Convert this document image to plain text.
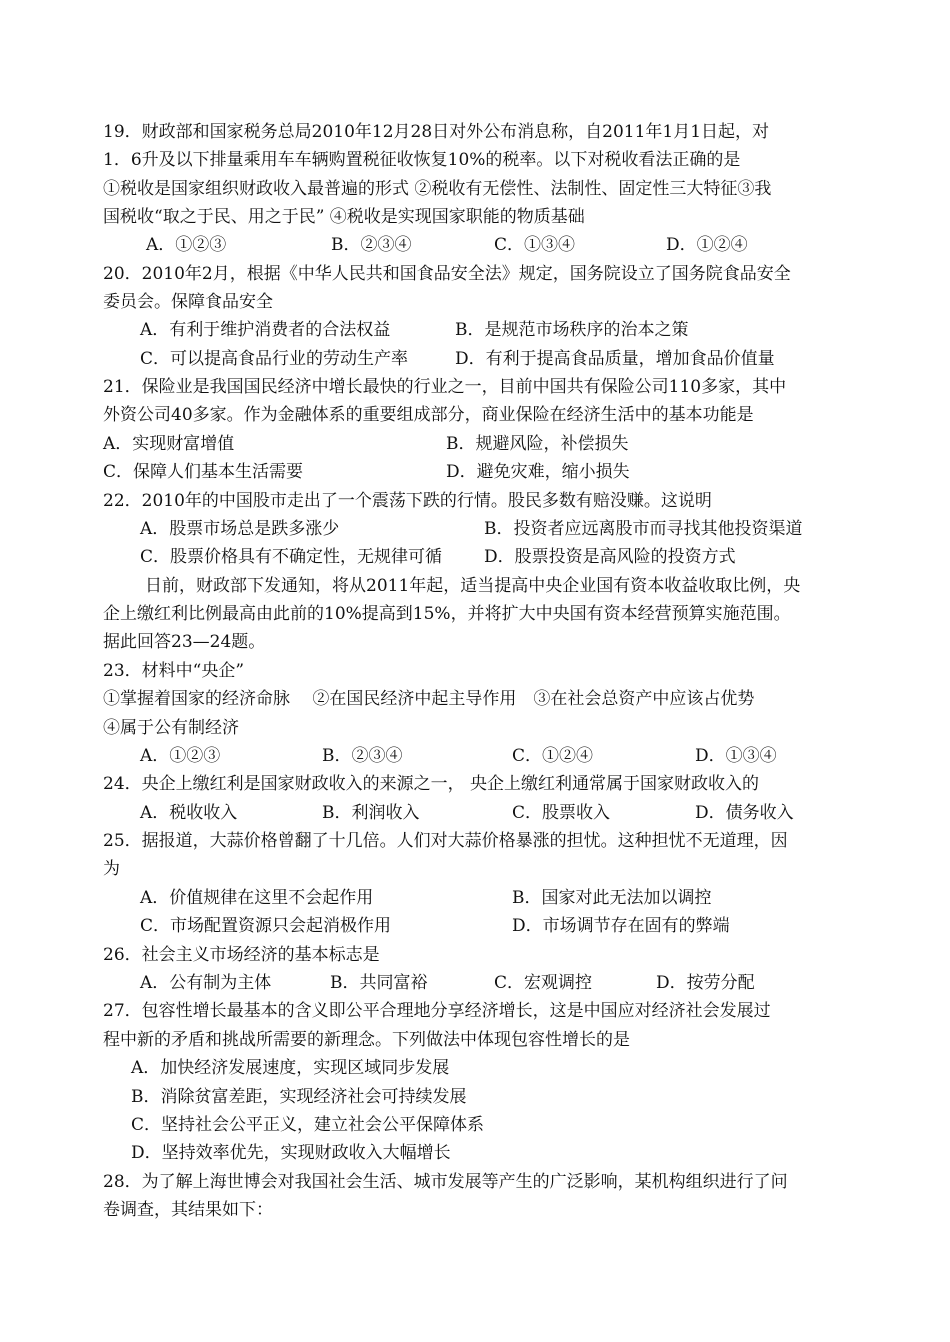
19．财政部和国家税务总局2010年12月28日对外公布消息称，自2011年1月1日起，对
1．6升及以下排量乘用车车辆购置税征收恢复10%的税率。以下对税收看法正确的是
①税收是国家组织财政收入最普遍的形式 ②税收有无偿性、法制性、固定性三大特征③我
国税收“取之于民、用之于民” ④税收是实现国家职能的物质基础
A．①②③	B．②③④	C．①③④	D．①②④
20．2010年2月，根据《中华人民共和国食品安全法》规定，国务院设立了国务院食品安全
委员会。保障食品安全
A．有利于维护消费者的合法权益	B．是规范市场秩序的治本之策
C．可以提高食品行业的劳动生产率	D．有利于提高食品质量，增加食品价值量
21．保险业是我国国民经济中增长最快的行业之一，目前中国共有保险公司110多家，其中
外资公司40多家。作为金融体系的重要组成部分，商业保险在经济生活中的基本功能是
A．实现财富增值	B．规避风险，补偿损失
C．保障人们基本生活需要	D．避免灾难，缩小损失
22．2010年的中国股市走出了一个震荡下跌的行情。股民多数有赔没赚。这说明
A．股票市场总是跌多涨少	B．投资者应远离股市而寻找其他投资渠道
C．股票价格具有不确定性，无规律可循 D．股票投资是高风险的投资方式
日前，财政部下发通知，将从2011年起，适当提高中央企业国有资本收益收取比例，央
企上缴红利比例最高由此前的10%提高到15%，并将扩大中央国有资本经营预算实施范围。
据此回答23—24题。
23．材料中“央企”
①掌握着国家的经济命脉　 ②在国民经济中起主导作用　③在社会总资产中应该占优势
④属于公有制经济
A．①②③	B．②③④	C．①②④	D．①③④
24．央企上缴红利是国家财政收入的来源之一， 央企上缴红利通常属于国家财政收入的
A．税收收入	B．利润收入	C．股票收入	D．债务收入
25．据报道，大蒜价格曾翻了十几倍。人们对大蒜价格暴涨的担忧。这种担忧不无道理，因
为
A．价值规律在这里不会起作用	B．国家对此无法加以调控
C．市场配置资源只会起消极作用	D．市场调节存在固有的弊端
26．社会主义市场经济的基本标志是
A．公有制为主体	B．共同富裕	C．宏观调控	D．按劳分配
27．包容性增长最基本的含义即公平合理地分享经济增长，这是中国应对经济社会发展过
程中新的矛盾和挑战所需要的新理念。下列做法中体现包容性增长的是
A．加快经济发展速度，实现区域同步发展
B．消除贫富差距，实现经济社会可持续发展
C．坚持社会公平正义，建立社会公平保障体系
D．坚持效率优先，实现财政收入大幅增长
28．为了解上海世博会对我国社会生活、城市发展等产生的广泛影响，某机构组织进行了问
卷调查，其结果如下：
